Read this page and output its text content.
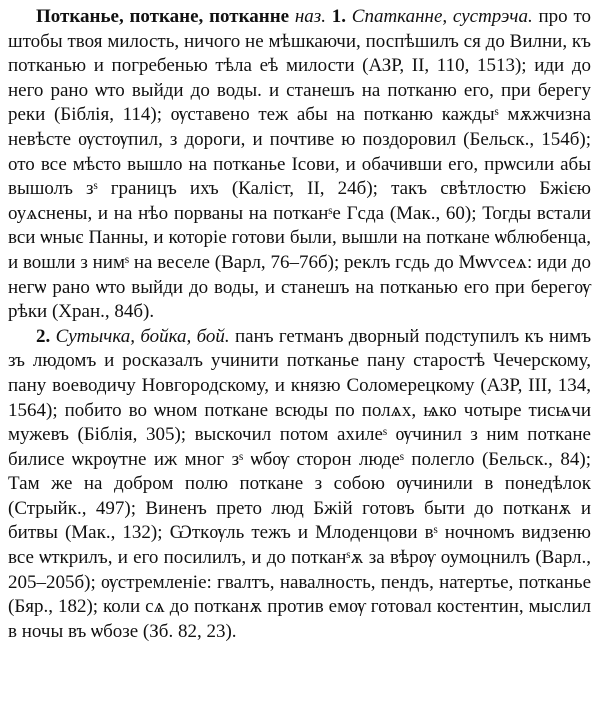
Потканье, поткане, потканне наз. 1. Спатканне, сустрэча. про то штобы твоя милость, ничого не мѣшкаючи, поспѣшилъ ся до Вилни, къ потканью и погребенью тѣла еѣ милости (АЗР, II, 110, 1513); иди до него рано ѡто выйди до воды. и станешъ на потканю его, при берегу реки (Біблія, 114); ѹставено теж абы на потканю каждыˢ мѫжчизна невѣсте ѹстѹпил, з дороги, и почтиве ю поздоровил (Бельск., 154б); ото все мѣсто вышло на потканье Ісови, и обачивши его, прѡсили абы вышолъ зˢ границъ ихъ (Каліст, II, 24б); такъ свѣтлостю Бжією оуѧснены, и на нѣо порваны на потканˢе Гсда (Мак., 60); Тогды встали вси ѡныє Панны, и которіе готови были, вышли на поткане ѡблюбенца, и вошли з нимˢ на веселе (Варл, 76–76б); реклъ гсдь до Мѡѵсеѧ: иди до негѡ рано ѡто выйди до воды, и станешъ на потканью его при берегѹ рѣки (Хран., 84б).

2. Сутычка, бойка, бой. панъ гетманъ дворный подступилъ къ нимъ зъ людомъ и росказалъ учинити потканье пану старостѣ Чечерскому, пану воеводичу Новгородскому, и князю Соломерецкому (АЗР, III, 134, 1564); побито во ѡном поткане всюды по полѧх, ѩко чотыре тисѩчи мужевъ (Біблія, 305); выскочил потом ахилеˢ ѹчинил з ним поткане билисе ѡкрѹтне иж мног зˢ ѡбѹ сторон людеˢ полегло (Бельск., 84); Там же на добром полю поткане з собою ѹчинили в понедѣлок (Стрыйк., 497); Виненъ прето люд Бжій готовъ быти до потканѫ и битвы (Мак., 132); Ѡткѹль тежъ и Млоденцови вˢ ночномъ видзеню все ѡткрилъ, и его посилилъ, и до потканˢѫ за вѣрѹ оумоцнилъ (Варл., 205–205б); ѹстремленіе: гвалтъ, навалность, пендъ, натертье, потканье (Бяр., 182); коли сѧ до потканѫ против емѹ готовал костентин, мыслил в ночы въ ѡбозе (Зб. 82, 23).
